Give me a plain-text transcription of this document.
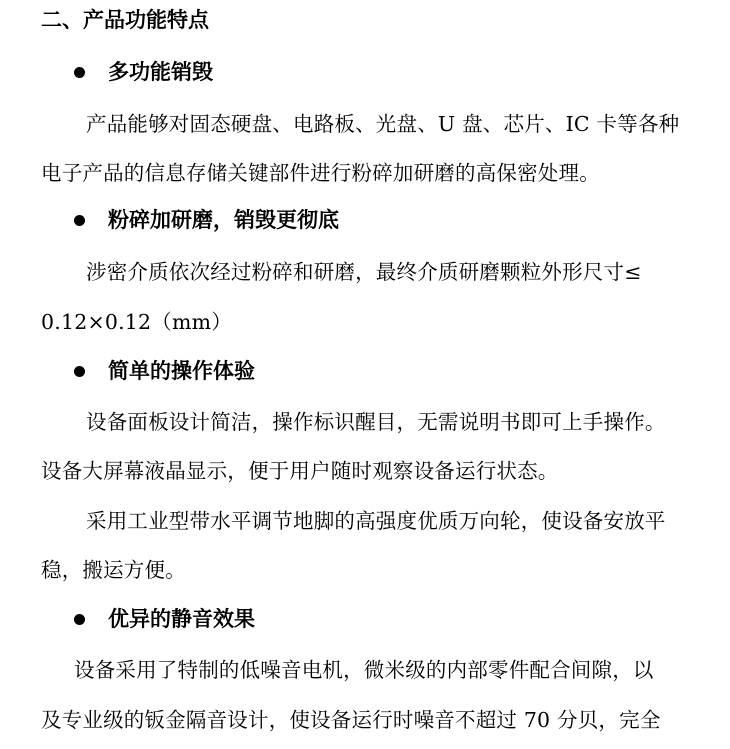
二、产品功能特点
多功能销毁
产品能够对固态硬盘、电路板、光盘、U 盘、芯片、IC 卡等各种
电子产品的信息存储关键部件进行粉碎加研磨的高保密处理。
粉碎加研磨，销毁更彻底
涉密介质依次经过粉碎和研磨，最终介质研磨颗粒外形尺寸≤
0.12×0.12（mm）
简单的操作体验
设备面板设计简洁，操作标识醒目，无需说明书即可上手操作。
设备大屏幕液晶显示，便于用户随时观察设备运行状态。
采用工业型带水平调节地脚的高强度优质万向轮，使设备安放平
稳，搬运方便。
优异的静音效果
设备采用了特制的低噪音电机，微米级的内部零件配合间隙，以
及专业级的钣金隔音设计，使设备运行时噪音不超过 70 分贝，完全
